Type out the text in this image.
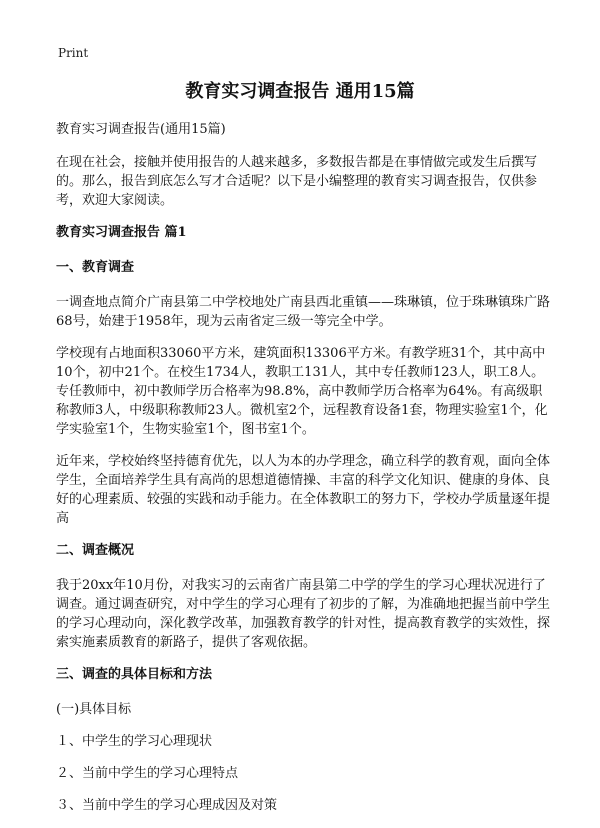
Print
教育实习调查报告 通用15篇

教育实习调查报告(通用15篇)

在现在社会，接触并使用报告的人越来越多，多数报告都是在事情做完或发生后撰写的。那么，报告到底怎么写才合适呢？以下是小编整理的教育实习调查报告，仅供参考，欢迎大家阅读。

教育实习调查报告 篇1

一、教育调查

一调查地点简介广南县第二中学校地处广南县西北重镇——珠琳镇，位于珠琳镇珠广路68号，始建于1958年，现为云南省定三级一等完全中学。

学校现有占地面积33060平方米，建筑面积13306平方米。有教学班31个，其中高中10个，初中21个。在校生1734人，教职工131人，其中专任教师123人，职工8人。专任教师中，初中教师学历合格率为98.8%，高中教师学历合格率为64%。有高级职称教师3人，中级职称教师23人。微机室2个，远程教育设备1套，物理实验室1个，化学实验室1个，生物实验室1个，图书室1个。

近年来，学校始终坚持德育优先，以人为本的办学理念，确立科学的教育观，面向全体学生，全面培养学生具有高尚的思想道德情操、丰富的科学文化知识、健康的身体、良好的心理素质、较强的实践和动手能力。在全体教职工的努力下，学校办学质量逐年提高

二、调查概况

我于20xx年10月份，对我实习的云南省广南县第二中学的学生的学习心理状况进行了调查。通过调查研究，对中学生的学习心理有了初步的了解，为准确地把握当前中学生的学习心理动向，深化教学改革，加强教育教学的针对性，提高教育教学的实效性，探索实施素质教育的新路子，提供了客观依据。

三、调查的具体目标和方法

(一)具体目标

１、中学生的学习心理现状

２、当前中学生的学习心理特点

３、当前中学生的学习心理成因及对策
